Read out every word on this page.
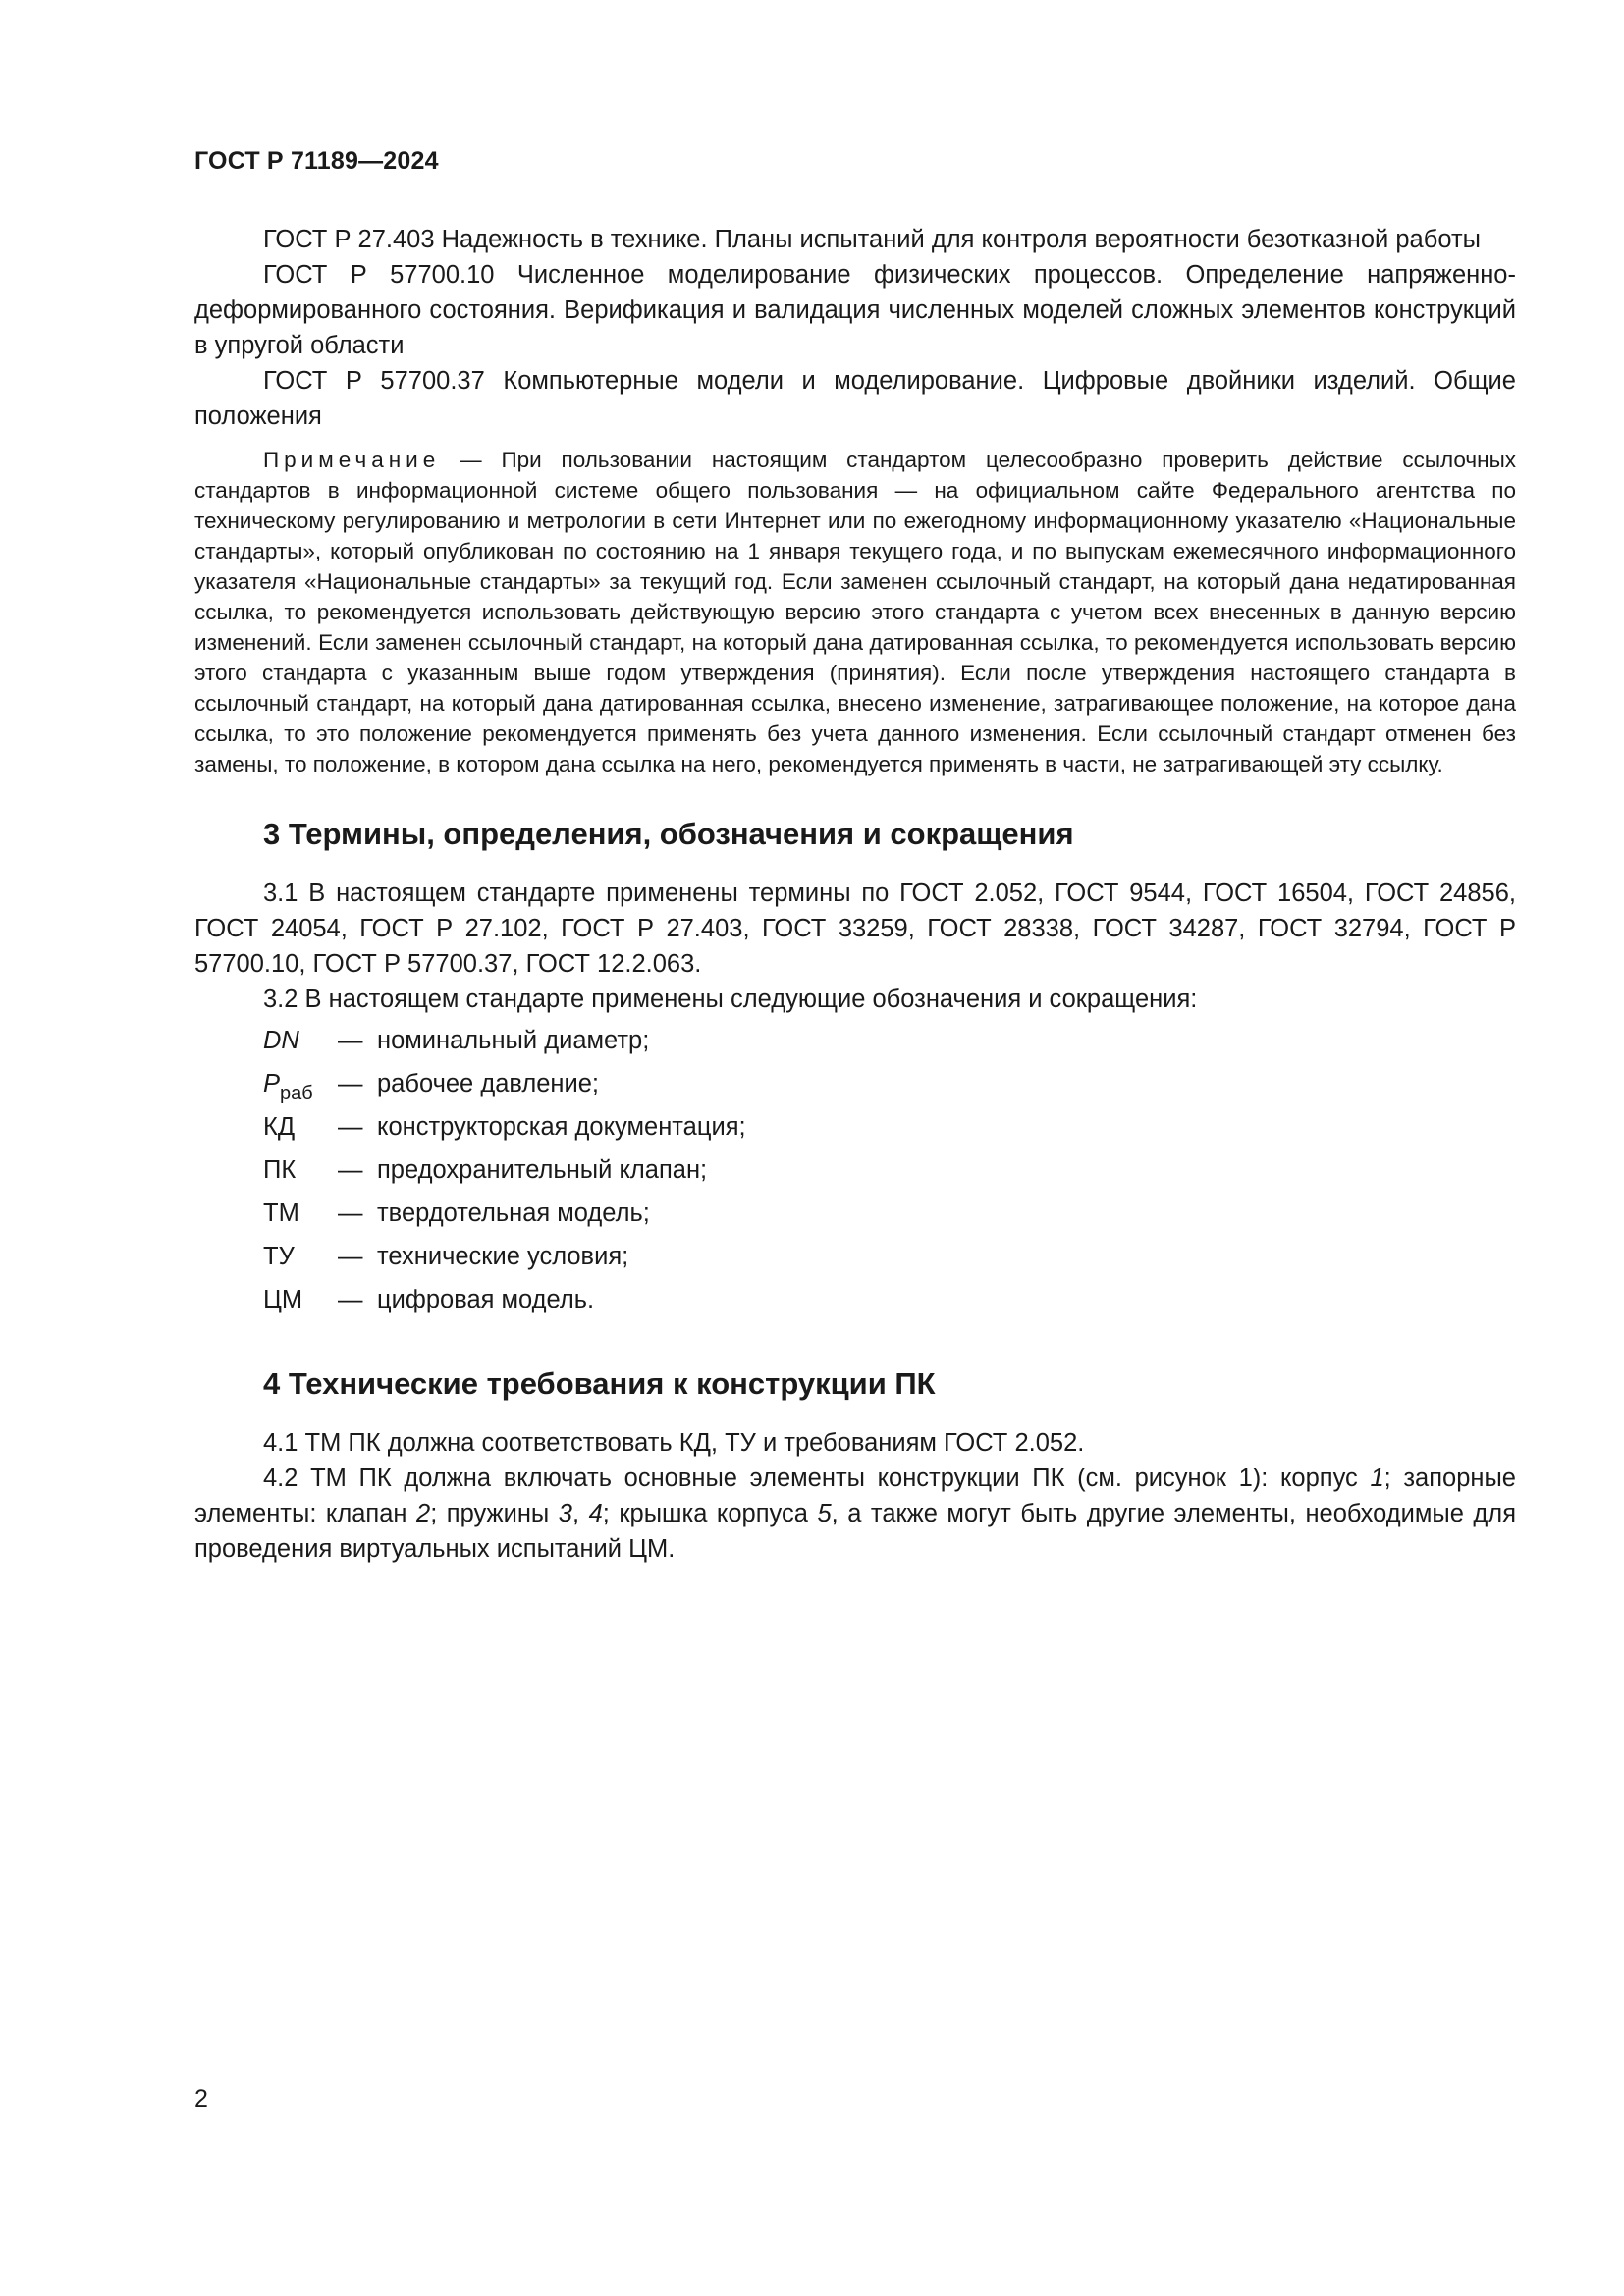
ГОСТ Р 71189—2024

ГОСТ Р 27.403 Надежность в технике. Планы испытаний для контроля вероятности безотказной работы

ГОСТ Р 57700.10 Численное моделирование физических процессов. Определение напряженно-деформированного состояния. Верификация и валидация численных моделей сложных элементов конструкций в упругой области

ГОСТ Р 57700.37 Компьютерные модели и моделирование. Цифровые двойники изделий. Общие положения

Примечание — При пользовании настоящим стандартом целесообразно проверить действие ссылочных стандартов в информационной системе общего пользования — на официальном сайте Федерального агентства по техническому регулированию и метрологии в сети Интернет или по ежегодному информационному указателю «Национальные стандарты», который опубликован по состоянию на 1 января текущего года, и по выпускам ежемесячного информационного указателя «Национальные стандарты» за текущий год. Если заменен ссылочный стандарт, на который дана недатированная ссылка, то рекомендуется использовать действующую версию этого стандарта с учетом всех внесенных в данную версию изменений. Если заменен ссылочный стандарт, на который дана датированная ссылка, то рекомендуется использовать версию этого стандарта с указанным выше годом утверждения (принятия). Если после утверждения настоящего стандарта в ссылочный стандарт, на который дана датированная ссылка, внесено изменение, затрагивающее положение, на которое дана ссылка, то это положение рекомендуется применять без учета данного изменения. Если ссылочный стандарт отменен без замены, то положение, в котором дана ссылка на него, рекомендуется применять в части, не затрагивающей эту ссылку.

3 Термины, определения, обозначения и сокращения

3.1 В настоящем стандарте применены термины по ГОСТ 2.052, ГОСТ 9544, ГОСТ 16504, ГОСТ 24856, ГОСТ 24054, ГОСТ Р 27.102, ГОСТ Р 27.403, ГОСТ 33259, ГОСТ 28338, ГОСТ 34287, ГОСТ 32794, ГОСТ Р 57700.10, ГОСТ Р 57700.37, ГОСТ 12.2.063.

3.2 В настоящем стандарте применены следующие обозначения и сокращения:

DN	— номинальный диаметр;
$P_{раб}$ — рабочее давление;
КД	— конструкторская документация;
ПК	— предохранительный клапан;
ТМ	— твердотельная модель;
ТУ	— технические условия;
ЦМ	— цифровая модель.
4 Технические требования к конструкции ПК

4.1 ТМ ПК должна соответствовать КД, ТУ и требованиям ГОСТ 2.052.

4.2 ТМ ПК должна включать основные элементы конструкции ПК (см. рисунок 1): корпус 1; запорные элементы: клапан 2; пружины 3, 4; крышка корпуса 5, а также могут быть другие элементы, необходимые для проведения виртуальных испытаний ЦМ.

2
